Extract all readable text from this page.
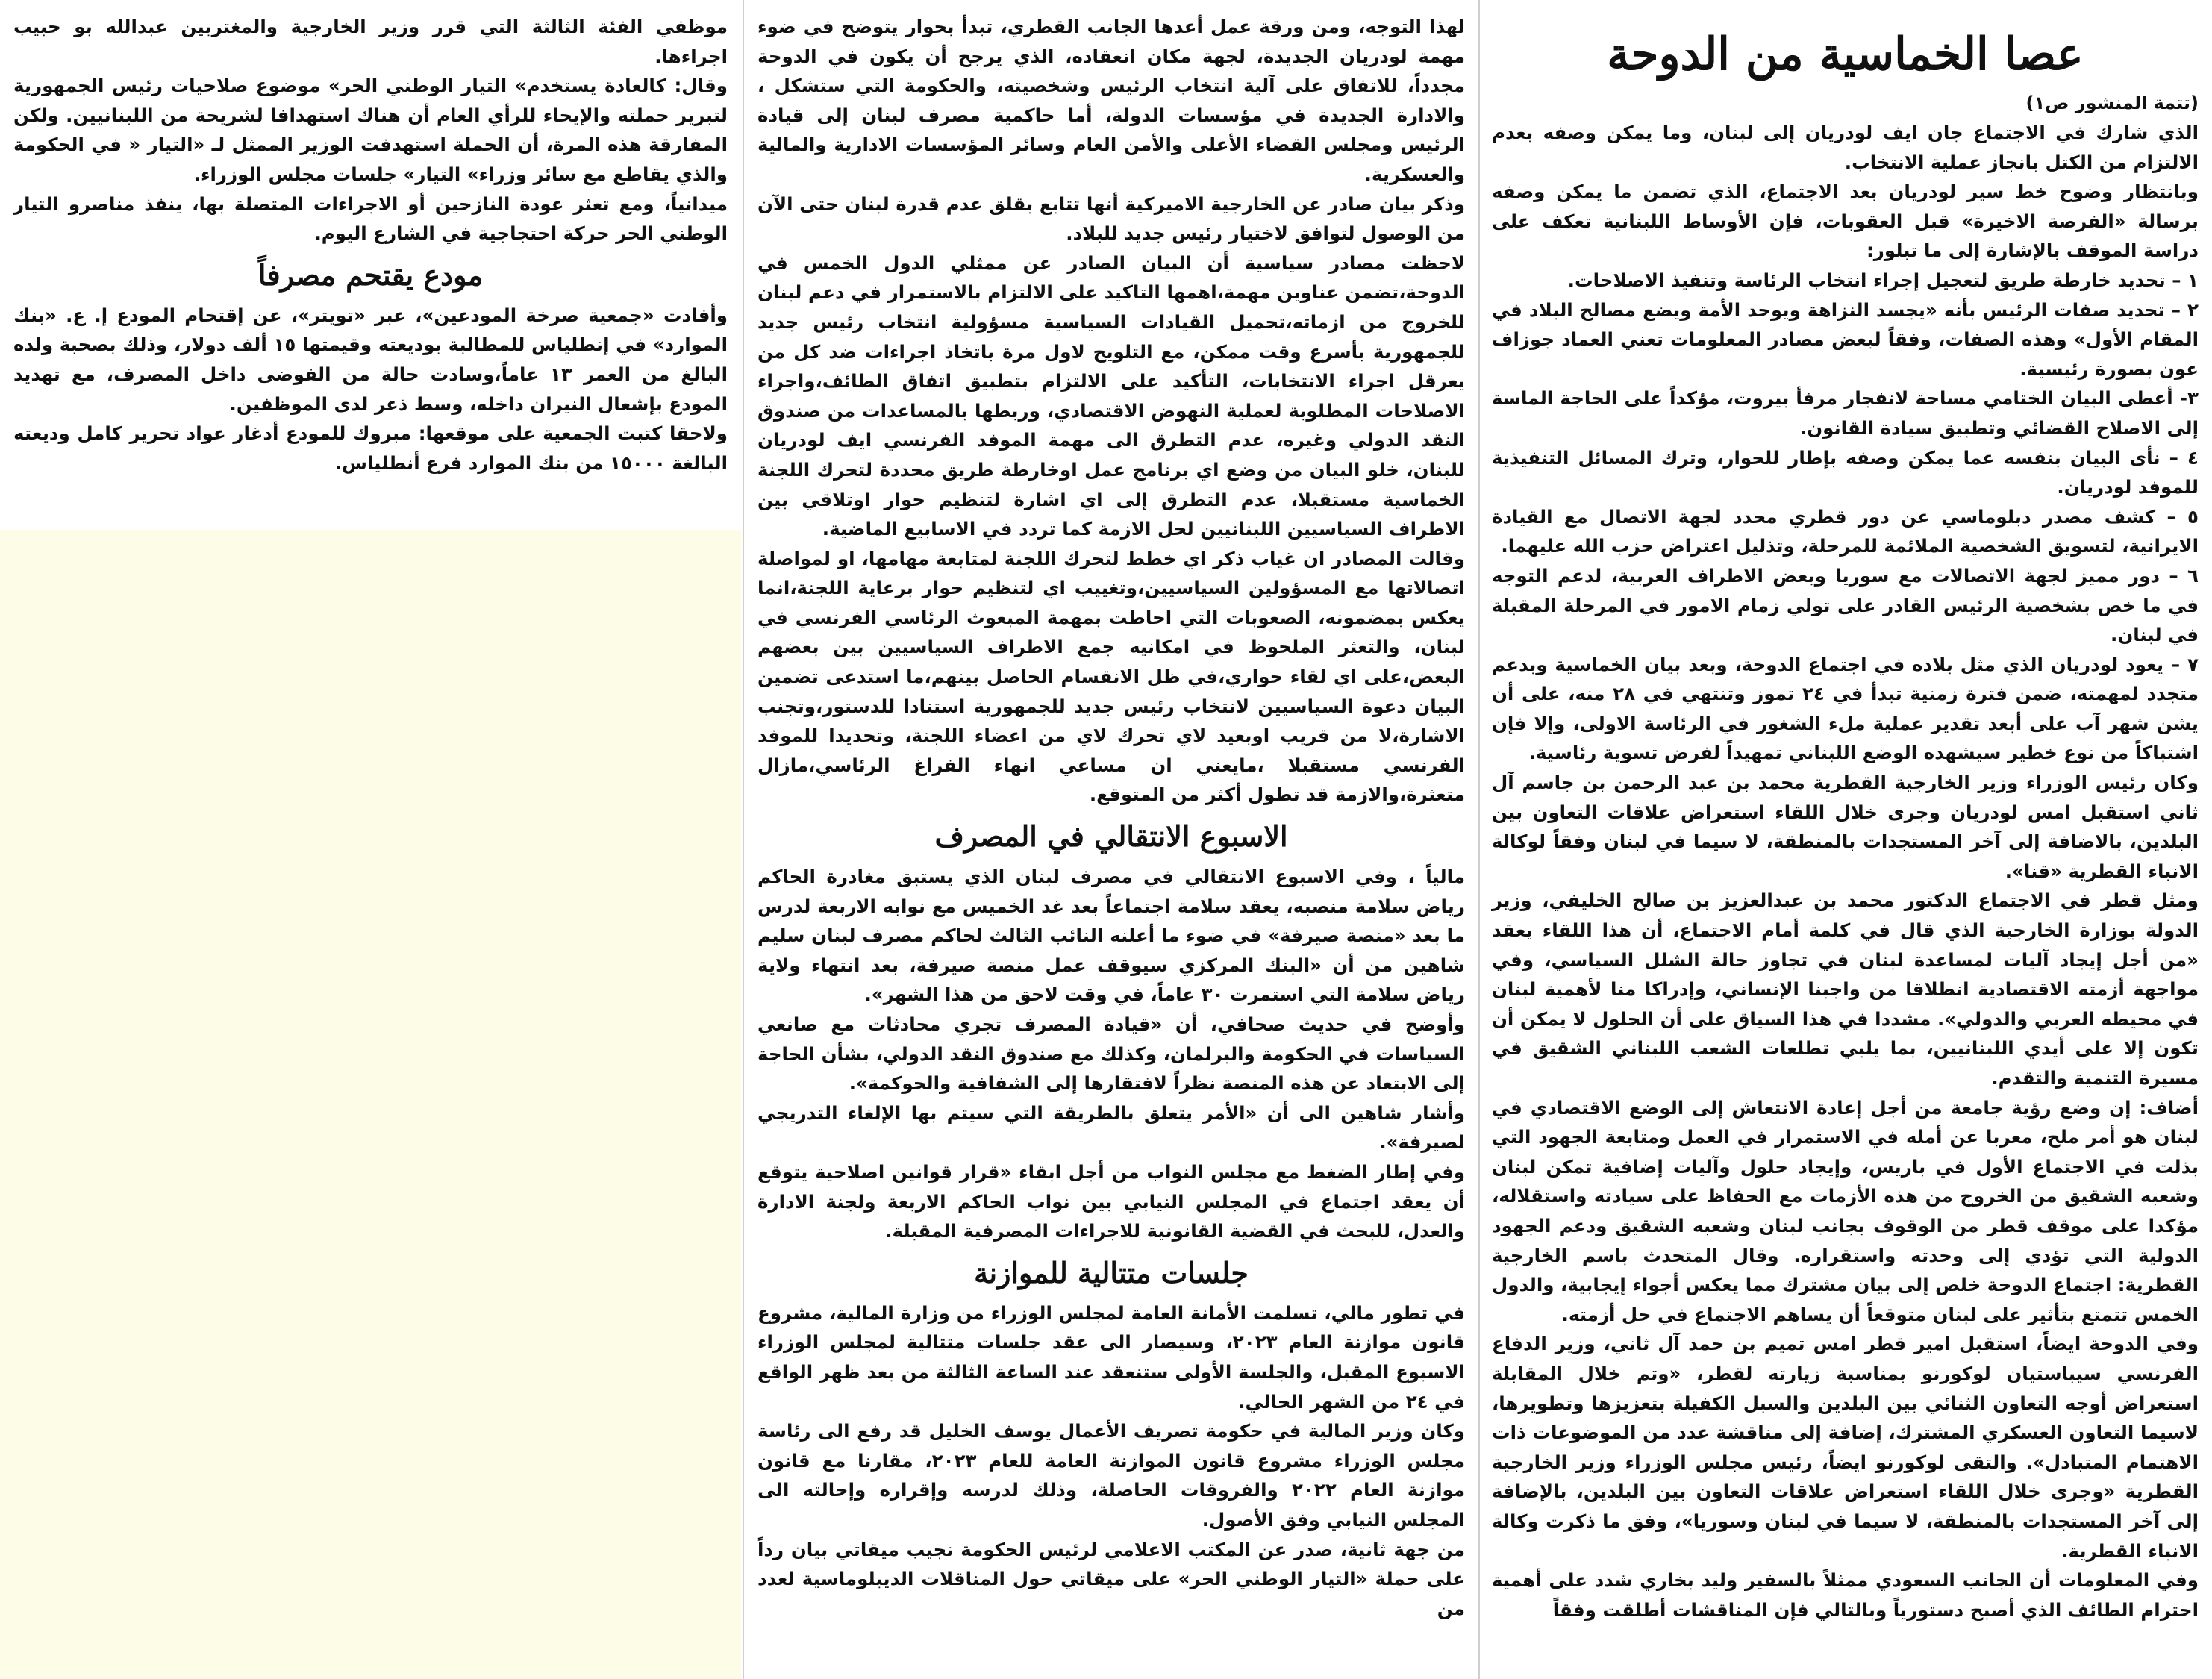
عصا الخماسية من الدوحة
(تتمة المنشور ص١)

الذي شارك في الاجتماع جان ايف لودريان إلى لبنان، وما يمكن وصفه بعدم الالتزام من الكتل بانجاز عملية الانتخاب.

وبانتظار وضوح خط سير لودريان بعد الاجتماع، الذي تضمن ما يمكن وصفه برسالة «الفرصة الاخيرة» قبل العقوبات، فإن الأوساط اللبنانية تعكف على دراسة الموقف بالإشارة إلى ما تبلور:

١ – تحديد خارطة طريق لتعجيل إجراء انتخاب الرئاسة وتنفيذ الاصلاحات.

٢ – تحديد صفات الرئيس بأنه «يجسد النزاهة ويوحد الأمة ويضع مصالح البلاد في المقام الأول» وهذه الصفات، وفقاً لبعض مصادر المعلومات تعني العماد جوزاف عون بصورة رئيسية.

٣- أعطى البيان الختامي مساحة لانفجار مرفأ بيروت، مؤكداً على الحاجة الماسة إلى الاصلاح القضائي وتطبيق سيادة القانون.

٤ – نأى البيان بنفسه عما يمكن وصفه بإطار للحوار، وترك المسائل التنفيذية للموفد لودريان.

٥ – كشف مصدر دبلوماسي عن دور قطري محدد لجهة الاتصال مع القيادة الايرانية، لتسويق الشخصية الملائمة للمرحلة، وتذليل اعتراض حزب الله عليهما.

٦ – دور مميز لجهة الاتصالات مع سوريا وبعض الاطراف العربية، لدعم التوجه في ما خص بشخصية الرئيس القادر على تولي زمام الامور في المرحلة المقبلة في لبنان.

٧ – يعود لودريان الذي مثل بلاده في اجتماع الدوحة، وبعد بيان الخماسية وبدعم متجدد لمهمته، ضمن فترة زمنية تبدأ في ٢٤ تموز وتنتهي في ٢٨ منه، على أن يشن شهر آب على أبعد تقدير عملية ملء الشغور في الرئاسة الاولى، وإلا فإن اشتباكاً من نوع خطير سيشهده الوضع اللبناني تمهيداً لفرض تسوية رئاسية.

وكان رئيس الوزراء وزير الخارجية القطرية محمد بن عبد الرحمن بن جاسم آل ثاني استقبل امس لودريان وجرى خلال اللقاء استعراض علاقات التعاون بين البلدين، بالاضافة إلى آخر المستجدات بالمنطقة، لا سيما في لبنان وفقاً لوكالة الانباء القطرية «قنا».

ومثل قطر في الاجتماع الدكتور محمد بن عبدالعزيز بن صالح الخليفي، وزير الدولة بوزارة الخارجية الذي قال في كلمة أمام الاجتماع، أن هذا اللقاء يعقد «من أجل إيجاد آليات لمساعدة لبنان في تجاوز حالة الشلل السياسي، وفي مواجهة أزمته الاقتصادية انطلاقا من واجبنا الإنساني، وإدراكا منا لأهمية لبنان في محيطه العربي والدولي». مشددا في هذا السياق على أن الحلول لا يمكن أن تكون إلا على أيدي اللبنانيين، بما يلبي تطلعات الشعب اللبناني الشقيق في مسيرة التنمية والتقدم.

أضاف: إن وضع رؤية جامعة من أجل إعادة الانتعاش إلى الوضع الاقتصادي في لبنان هو أمر ملح، معربا عن أمله في الاستمرار في العمل ومتابعة الجهود التي بذلت في الاجتماع الأول في باريس، وإيجاد حلول وآليات إضافية تمكن لبنان وشعبه الشقيق من الخروج من هذه الأزمات مع الحفاظ على سيادته واستقلاله، مؤكدا على موقف قطر من الوقوف بجانب لبنان وشعبه الشقيق ودعم الجهود الدولية التي تؤدي إلى وحدته واستقراره. وقال المتحدث باسم الخارجية القطرية: اجتماع الدوحة خلص إلى بيان مشترك مما يعكس أجواء إيجابية، والدول الخمس تتمتع بتأثير على لبنان متوقعاً أن يساهم الاجتماع في حل أزمته.

وفي الدوحة ايضاً، استقبل امير قطر امس تميم بن حمد آل ثاني، وزير الدفاع الفرنسي سيباستيان لوكورنو بمناسبة زيارته لقطر، «وتم خلال المقابلة استعراض أوجه التعاون الثنائي بين البلدين والسبل الكفيلة بتعزيزها وتطويرها، لاسيما التعاون العسكري المشترك، إضافة إلى مناقشة عدد من الموضوعات ذات الاهتمام المتبادل». والتقى لوكورنو ايضاً، رئيس مجلس الوزراء وزير الخارجية القطرية «وجرى خلال اللقاء استعراض علاقات التعاون بين البلدين، بالإضافة إلى آخر المستجدات بالمنطقة، لا سيما في لبنان وسوريا»، وفق ما ذكرت وكالة الانباء القطرية.

وفي المعلومات أن الجانب السعودي ممثلاً بالسفير وليد بخاري شدد على أهمية احترام الطائف الذي أصبح دستورياً وبالتالي فإن المناقشات أطلقت وفقاً

لهذا التوجه، ومن ورقة عمل أعدها الجانب القطري، تبدأ بحوار يتوضح في ضوء مهمة لودريان الجديدة، لجهة مكان انعقاده، الذي يرجح أن يكون في الدوحة مجدداً، للاتفاق على آلية انتخاب الرئيس وشخصيته، والحكومة التي ستشكل ، والادارة الجديدة في مؤسسات الدولة، أما حاكمية مصرف لبنان إلى قيادة الرئيس ومجلس القضاء الأعلى والأمن العام وسائر المؤسسات الادارية والمالية والعسكرية.

وذكر بيان صادر عن الخارجية الاميركية أنها تتابع بقلق عدم قدرة لبنان حتى الآن من الوصول لتوافق لاختيار رئيس جديد للبلاد.

لاحظت مصادر سياسية أن البيان الصادر عن ممثلي الدول الخمس في الدوحة،تضمن عناوين مهمة،اهمها التاكيد على الالتزام بالاستمرار في دعم لبنان للخروج من ازماته،تحميل القيادات السياسية مسؤولية انتخاب رئيس جديد للجمهورية بأسرع وقت ممكن، مع التلويح لاول مرة باتخاذ اجراءات ضد كل من يعرقل اجراء الانتخابات، التأكيد على الالتزام بتطبيق اتفاق الطائف،واجراء الاصلاحات المطلوبة لعملية النهوض الاقتصادي، وربطها بالمساعدات من صندوق النقد الدولي وغيره، عدم التطرق الى مهمة الموفد الفرنسي ايف لودريان للبنان، خلو البيان من وضع اي برنامج عمل اوخارطة طريق محددة لتحرك اللجنة الخماسية مستقبلا، عدم التطرق إلى اي اشارة لتنظيم حوار اوتلاقي بين الاطراف السياسيين اللبنانيين لحل الازمة كما تردد في الاسابيع الماضية.

وقالت المصادر ان غياب ذكر اي خطط لتحرك اللجنة لمتابعة مهامها، او لمواصلة اتصالاتها مع المسؤولين السياسيين،وتغييب اي لتنظيم حوار برعاية اللجنة،انما يعكس بمضمونه، الصعوبات التي احاطت بمهمة المبعوث الرئاسي الفرنسي في لبنان، والتعثر الملحوظ في امكانيه جمع الاطراف السياسيين بين بعضهم البعض،على اي لقاء حواري،في ظل الانقسام الحاصل بينهم،ما استدعى تضمين البيان دعوة السياسيين لانتخاب رئيس جديد للجمهورية استنادا للدستور،وتجنب الاشارة،لا من قريب اوبعيد لاي تحرك لاي من اعضاء اللجنة، وتحديدا للموفد الفرنسي مستقبلا ،مايعني ان مساعي انهاء الفراغ الرئاسي،مازال متعثرة،والازمة قد تطول أكثر من المتوقع.

الاسبوع الانتقالي في المصرف

مالياً ، وفي الاسبوع الانتقالي في مصرف لبنان الذي يستبق مغادرة الحاكم رياض سلامة منصبه، يعقد سلامة اجتماعاً بعد غد الخميس مع نوابه الاربعة لدرس ما بعد «منصة صيرفة» في ضوء ما أعلنه النائب الثالث لحاكم مصرف لبنان سليم شاهين من أن «البنك المركزي سيوقف عمل منصة صيرفة، بعد انتهاء ولاية رياض سلامة التي استمرت ٣٠ عاماً، في وقت لاحق من هذا الشهر».

وأوضح في حديث صحافي، أن «قيادة المصرف تجري محادثات مع صانعي السياسات في الحكومة والبرلمان، وكذلك مع صندوق النقد الدولي، بشأن الحاجة إلى الابتعاد عن هذه المنصة نظراً لافتقارها إلى الشفافية والحوكمة».

وأشار شاهين الى أن «الأمر يتعلق بالطريقة التي سيتم بها الإلغاء التدريجي لصيرفة».

وفي إطار الضغط مع مجلس النواب من أجل ابقاء «قرار قوانين اصلاحية يتوقع أن يعقد اجتماع في المجلس النيابي بين نواب الحاكم الاربعة ولجنة الادارة والعدل، للبحث في القضية القانونية للاجراءات المصرفية المقبلة.

جلسات متتالية للموازنة

في تطور مالي، تسلمت الأمانة العامة لمجلس الوزراء من وزارة المالية، مشروع قانون موازنة العام ٢٠٢٣، وسيصار الى عقد جلسات متتالية لمجلس الوزراء الاسبوع المقبل، والجلسة الأولى ستنعقد عند الساعة الثالثة من بعد ظهر الواقع في ٢٤ من الشهر الحالي.

وكان وزير المالية في حكومة تصريف الأعمال يوسف الخليل قد رفع الى رئاسة مجلس الوزراء مشروع قانون الموازنة العامة للعام ٢٠٢٣، مقارنا مع قانون موازنة العام ٢٠٢٢ والفروقات الحاصلة، وذلك لدرسه وإقراره وإحالته الى المجلس النيابي وفق الأصول.

من جهة ثانية، صدر عن المكتب الاعلامي لرئيس الحكومة نجيب ميقاتي بيان رداً على حملة «التيار الوطني الحر» على ميقاتي حول المناقلات الديبلوماسية لعدد من

موظفي الفئة الثالثة التي قرر وزير الخارجية والمغتربين عبدالله بو حبيب اجراءها.

وقال: كالعادة يستخدم» التيار الوطني الحر» موضوع صلاحيات رئيس الجمهورية لتبرير حملته والإيحاء للرأي العام أن هناك استهدافا لشريحة من اللبنانيين. ولكن المفارقة هذه المرة، أن الحملة استهدفت الوزير الممثل لـ «التيار « في الحكومة والذي يقاطع مع سائر وزراء» التيار» جلسات مجلس الوزراء.

ميدانياً، ومع تعثر عودة النازحين أو الاجراءات المتصلة بها، ينفذ مناصرو التيار الوطني الحر حركة احتجاجية في الشارع اليوم.

مودع يقتحم مصرفاً

وأفادت «جمعية صرخة المودعين»، عبر «تويتر»، عن إقتحام المودع إ. ع. «بنك الموارد» في إنطلياس للمطالبة بوديعته وقيمتها ١٥ ألف دولار، وذلك بصحبة ولده البالغ من العمر ١٣ عاماً،وسادت حالة من الفوضى داخل المصرف، مع تهديد المودع بإشعال النيران داخله، وسط ذعر لدى الموظفين.

ولاحقا كتبت الجمعية على موقعها: مبروك للمودع أدغار عواد تحرير كامل وديعته البالغة ١٥٠٠٠ من بنك الموارد فرع أنطلياس.
